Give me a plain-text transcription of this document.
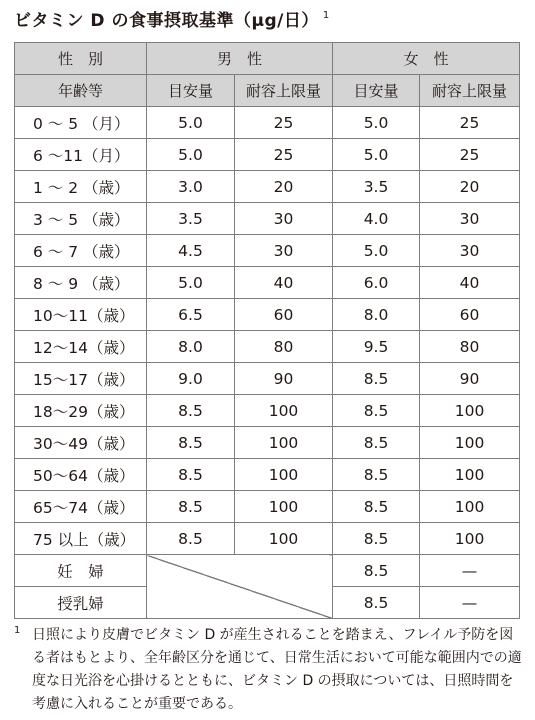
ビタミン D の食事摂取基準（μg/日） $^1$
性　別	男　性		女　性	
年齢等	目安量	耐容上限量	目安量	耐容上限量
0 ～ 5 （月）	5.0	25	5.0	25
6 ～11（月）	5.0	25	5.0	25
1 ～ 2 （歳）	3.0	20	3.5	20
3 ～ 5 （歳）	3.5	30	4.0	30
6 ～ 7 （歳）	4.5	30	5.0	30
8 ～ 9 （歳）	5.0	40	6.0	40
10～11（歳）	6.5	60	8.0	60
12～14（歳）	8.0	80	9.5	80
15～17（歳）	9.0	90	8.5	90
18～29（歳）	8.5	100	8.5	100
30～49（歳）	8.5	100	8.5	100
50～64（歳）	8.5	100	8.5	100
65～74（歳）	8.5	100	8.5	100
75 以上（歳）	8.5	100	8.5	100
妊　婦			8.5	—
授乳婦			8.5	—
1 日照により皮膚でビタミン D が産生されることを踏まえ、フレイル予防を図る者はもとより、全年齢区分を通じて、日常生活において可能な範囲内での適度な日光浴を心掛けるとともに、ビタミン D の摂取については、日照時間を考慮に入れることが重要である。
